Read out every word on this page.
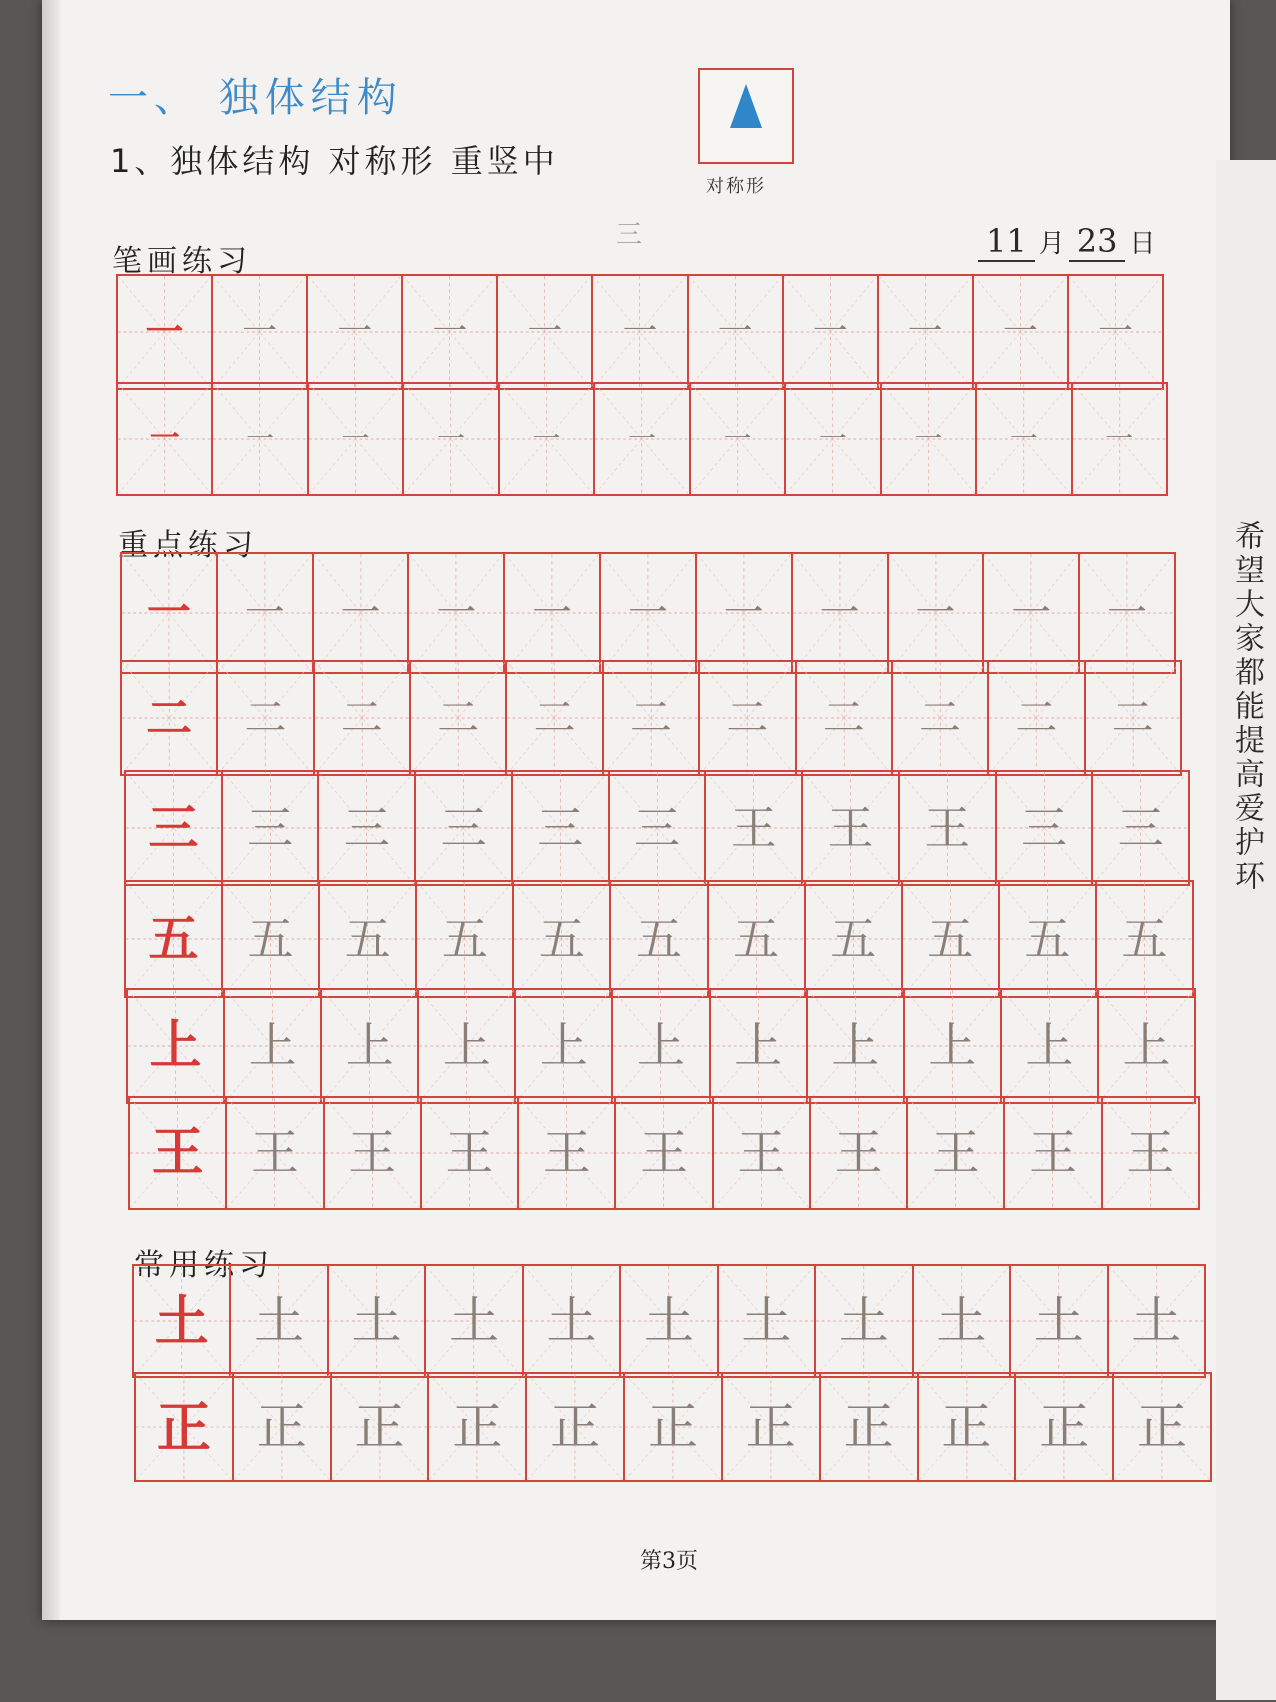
希望大家都能提高爱护环
一、 独体结构
1、独体结构 对称形 重竖中
对称形
三	11 月 23 日
笔画练习
重点练习
常用练习
一 一 一 一 一 一 一 一 一 一 一
一 一 一 一 一 一 一 一 一 一 一
一 一 一 一 一 一 一 一 一 一 一
二 二 二 二 二 二 二 二 二 二 二
三 三 三 三 三 三 王 王 王 三 三
五 五 五 五 五 五 五 五 五 五 五
上 上 上 上 上 上 上 上 上 上 上
王 王 王 王 王 王 王 王 王 王 王
土 土 土 土 土 土 土 土 土 土 土
正 正 正 正 正 正 正 正 正 正 正
第3页
